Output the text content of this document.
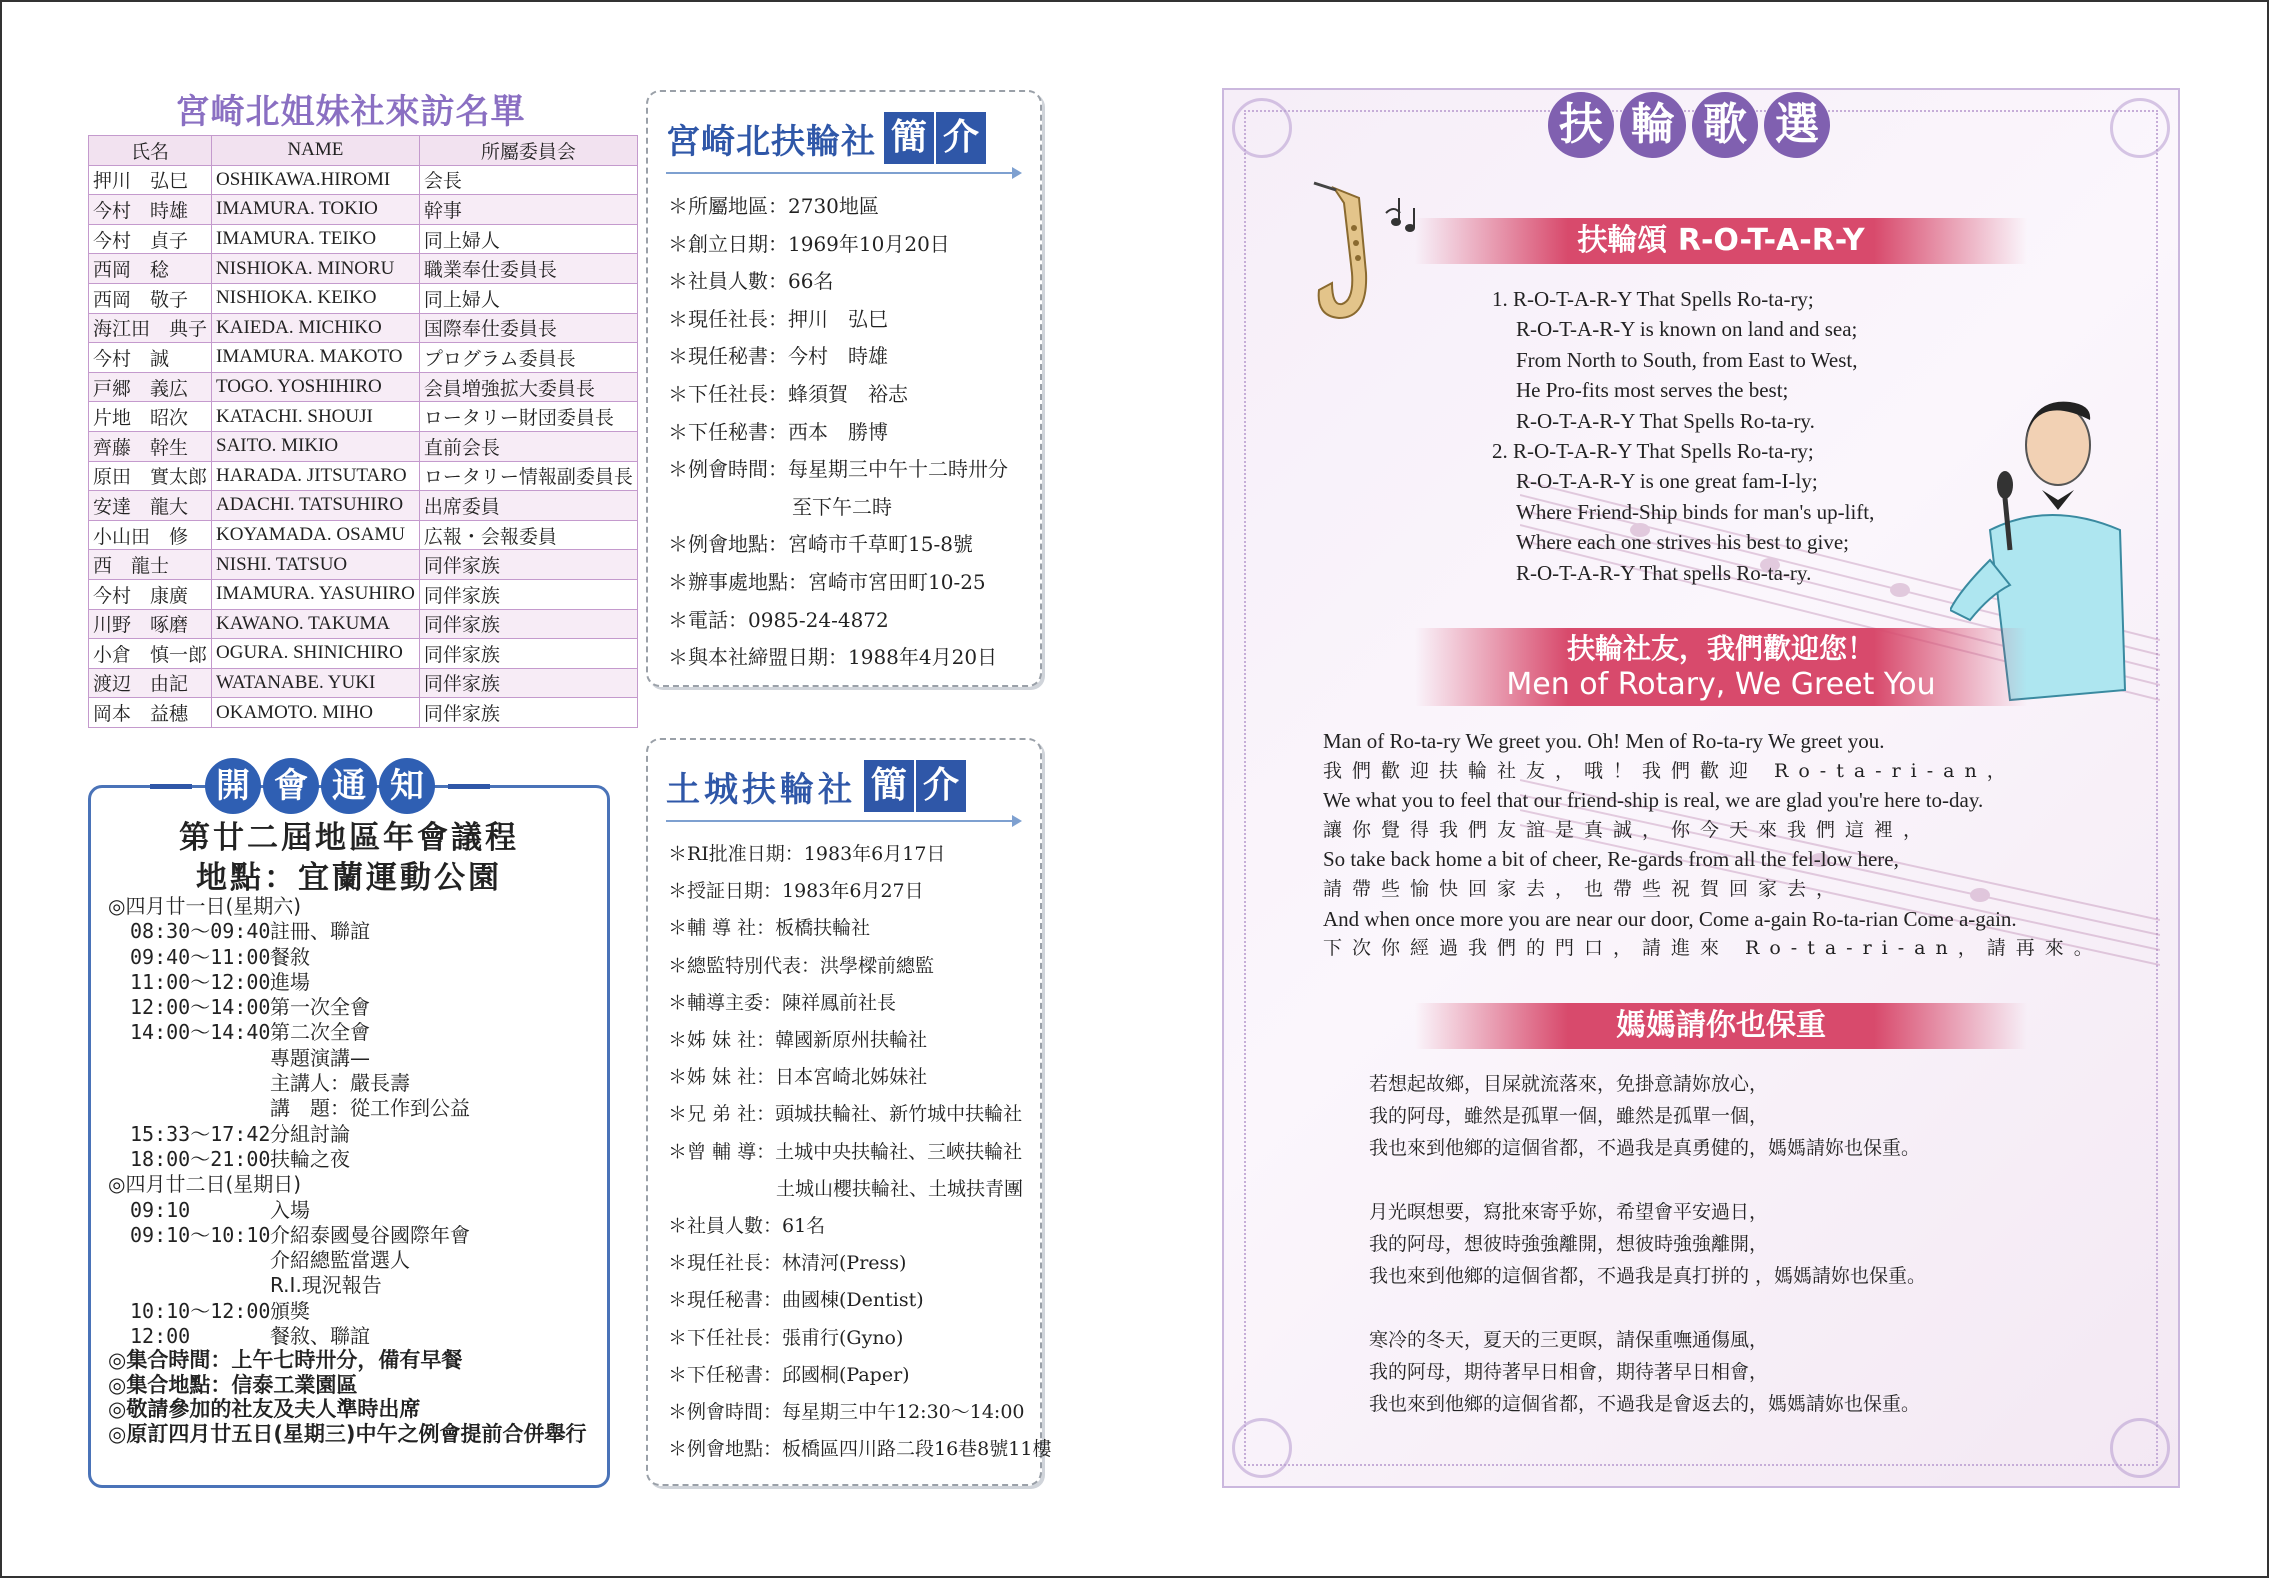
宮崎北姐妹社來訪名單
氏名	NAME	所屬委員会
押川　弘巳	OSHIKAWA.HIROMI	会長
今村　時雄	IMAMURA. TOKIO	幹事
今村　貞子	IMAMURA. TEIKO	同上婦人
西岡　稔	NISHIOKA. MINORU	職業奉仕委員長
西岡　敬子	NISHIOKA. KEIKO	同上婦人
海江田　典子	KAIEDA. MICHIKO	国際奉仕委員長
今村　誠	IMAMURA. MAKOTO	プログラム委員長
戸郷　義広	TOGO. YOSHIHIRO	会員増強拡大委員長
片地　昭次	KATACHI. SHOUJI	ロータリー財団委員長
齊藤　幹生	SAITO. MIKIO	直前会長
原田　實太郎	HARADA. JITSUTARO	ロータリー情報副委員長
安達　龍大	ADACHI. TATSUHIRO	出席委員
小山田　修	KOYAMADA. OSAMU	広報・会報委員
西　龍士	NISHI. TATSUO	同伴家族
今村　康廣	IMAMURA. YASUHIRO	同伴家族
川野　啄磨	KAWANO. TAKUMA	同伴家族
小倉　慎一郎	OGURA. SHINICHIRO	同伴家族
渡辺　由記	WATANABE. YUKI	同伴家族
岡本　益穗	OKAMOTO. MIHO	同伴家族
開 會 通 知
第廿二屆地區年會議程
地點：宜蘭運動公園
◎四月廿一日(星期六)
08:30～09:40 註冊、聯誼
09:40～11:00 餐敘
11:00～12:00 進場
12:00～14:00 第一次全會
14:00～14:40 第二次全會
專題演講—
主講人：嚴長壽
講　題：從工作到公益
15:33～17:42 分組討論
18:00～21:00 扶輪之夜
◎四月廿二日(星期日)
09:10	入場
09:10～10:10 介紹泰國曼谷國際年會
介紹總監當選人
R.I.現況報告
10:10～12:00 頒獎
12:00	餐敘、聯誼
◎集合時間：上午七時卅分，備有早餐
◎集合地點：信泰工業園區
◎敬請參加的社友及夫人準時出席
◎原訂四月廿五日(星期三)中午之例會提前合併舉行
宮崎北扶輪社 簡 介
＊所屬地區：2730地區
＊創立日期：1969年10月20日
＊社員人數：66名
＊現任社長：押川　弘巳
＊現任秘書：今村　時雄
＊下任社長：蜂須賀　裕志
＊下任秘書：西本　勝博
＊例會時間：每星期三中午十二時卅分
至下午二時
＊例會地點：宮崎市千草町15-8號
＊辦事處地點：宮崎市宮田町10-25
＊電話：0985-24-4872
＊與本社締盟日期：1988年4月20日
土城扶輪社 簡 介
＊RI批准日期：1983年6月17日
＊授証日期：1983年6月27日
＊輔 導 社：板橋扶輪社
＊總監特別代表：洪學樑前總監
＊輔導主委：陳祥鳳前社長
＊姊 妹 社：韓國新原州扶輪社
＊姊 妹 社：日本宮崎北姊妹社
＊兄 弟 社：頭城扶輪社、新竹城中扶輪社
＊曾 輔 導：土城中央扶輪社、三峽扶輪社
土城山櫻扶輪社、土城扶青團
＊社員人數：61名
＊現任社長：林清河(Press)
＊現任秘書：曲國棟(Dentist)
＊下任社長：張甫行(Gyno)
＊下任秘書：邱國桐(Paper)
＊例會時間：每星期三中午12:30～14:00
＊例會地點：板橋區四川路二段16巷8號11樓
扶 輪 歌 選
扶輪頌 R-O-T-A-R-Y
1. R-O-T-A-R-Y That Spells Ro-ta-ry;
R-O-T-A-R-Y is known on land and sea;
From North to South, from East to West,
He Pro-fits most serves the best;
R-O-T-A-R-Y That Spells Ro-ta-ry.
2. R-O-T-A-R-Y That Spells Ro-ta-ry;
R-O-T-A-R-Y is one great fam-I-ly;
Where Friend-Ship binds for man's up-lift,
Where each one strives his best to give;
R-O-T-A-R-Y That spells Ro-ta-ry.
扶輪社友，我們歡迎您！
Men of Rotary, We Greet You
Man of Ro-ta-ry We greet you. Oh! Men of Ro-ta-ry We greet you.
我們歡迎扶輪社友，哦！我們歡迎 Ro-ta-ri-an，
We what you to feel that our friend-ship is real, we are glad you're here to-day.
讓你覺得我們友誼是真誠，你今天來我們這裡，
So take back home a bit of cheer, Re-gards from all the fel-low here,
請帶些愉快回家去，也帶些祝賀回家去，
And when once more you are near our door, Come a-gain Ro-ta-rian Come a-gain.
下次你經過我們的門口，請進來 Ro-ta-ri-an，請再來。
媽媽請你也保重
若想起故鄉，目屎就流落來，免掛意請妳放心，
我的阿母，雖然是孤單一個，雖然是孤單一個，
我也來到他鄉的這個省都，不過我是真勇健的，媽媽請妳也保重。
月光暝想要，寫批來寄乎妳，希望會平安過日，
我的阿母，想彼時強強離開，想彼時強強離開，
我也來到他鄉的這個省都，不過我是真打拼的 ，媽媽請妳也保重。
寒冷的冬天，夏天的三更暝，請保重嘸通傷風，
我的阿母，期待著早日相會，期待著早日相會，
我也來到他鄉的這個省都，不過我是會返去的，媽媽請妳也保重。
